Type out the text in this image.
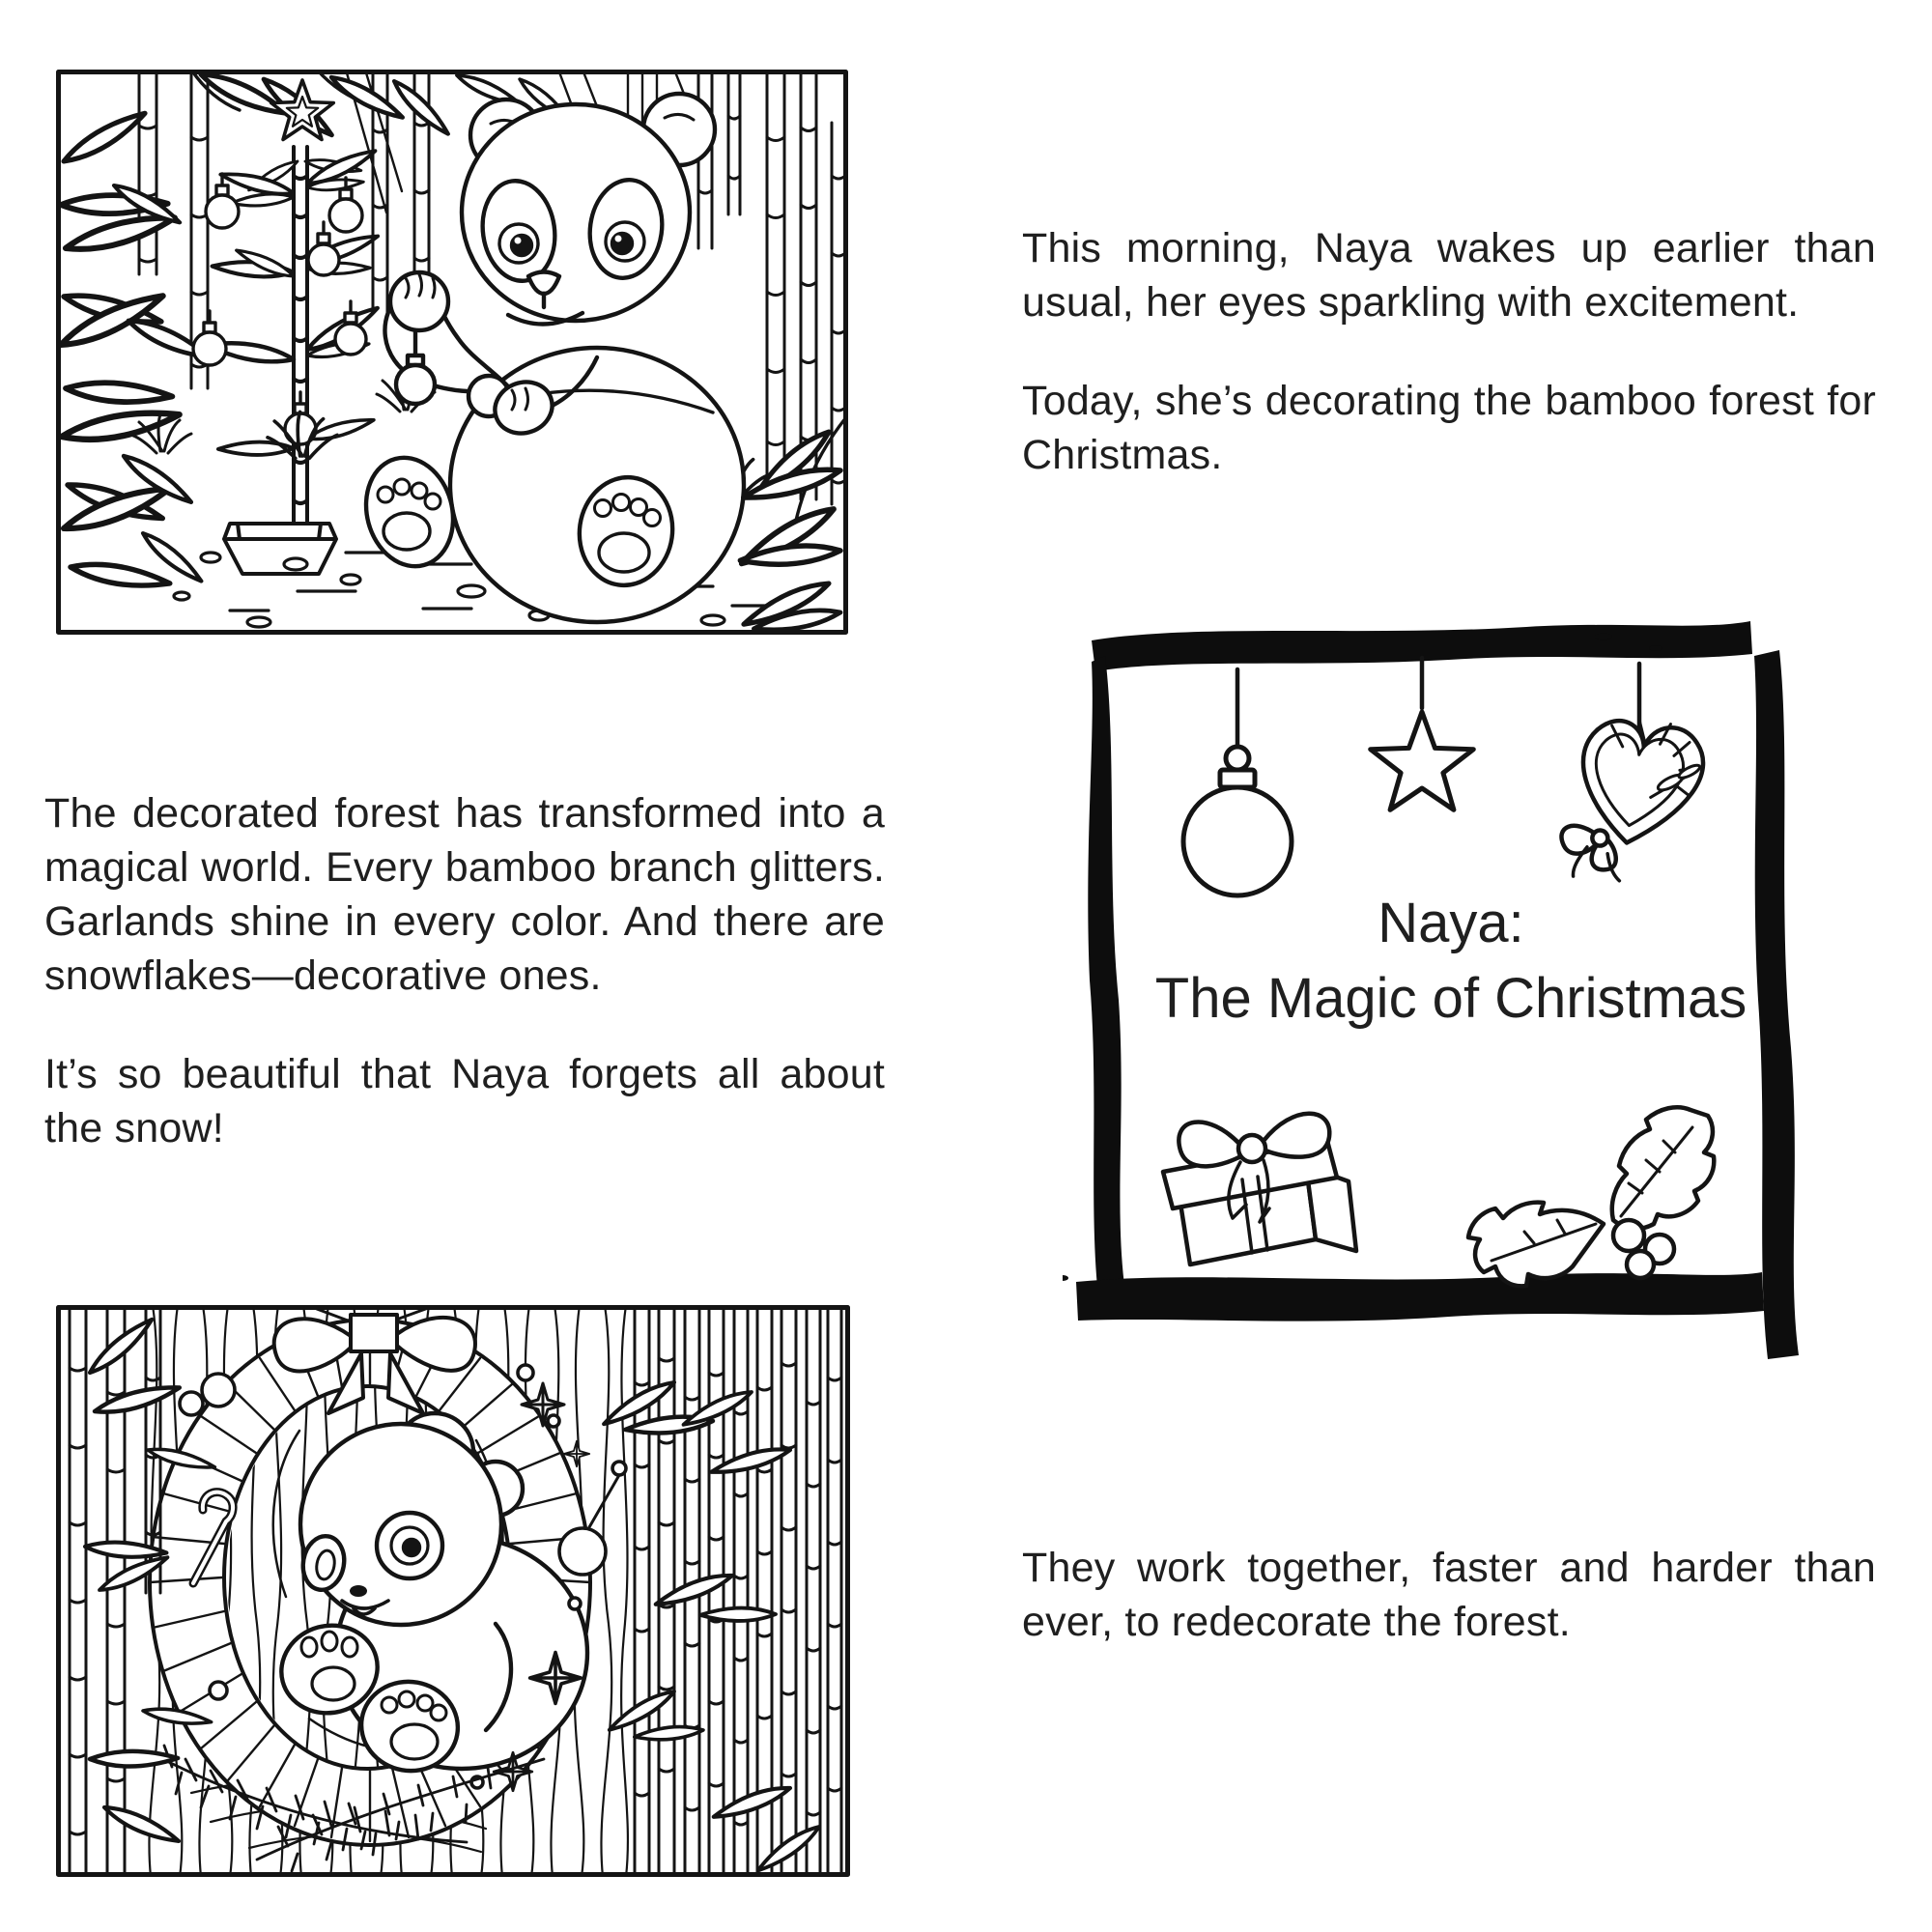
This morning, Naya wakes up earlier than
usual, her eyes sparkling with excitement.

Today, she’s decorating the bamboo forest for
Christmas.

Naya:
The Magic of Christmas

The decorated forest has transformed into a
magical world. Every bamboo branch glitters.
Garlands shine in every color. And there are
snowflakes—decorative ones.

It’s so beautiful that Naya forgets all about
the snow!

They work together, faster and harder than
ever, to redecorate the forest.
